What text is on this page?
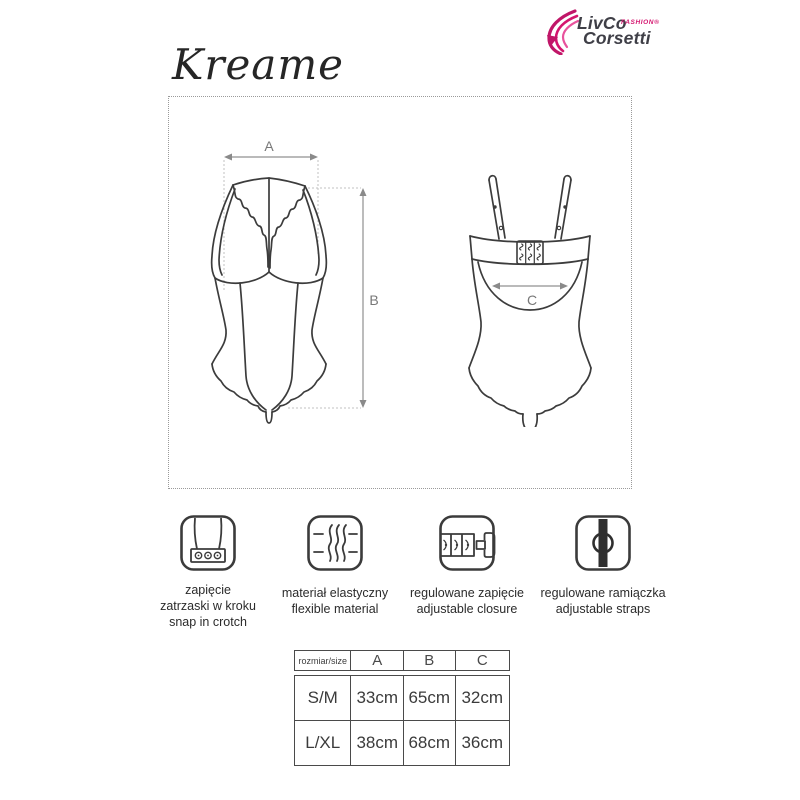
LivCo
FASHION®
Corsetti
Kreame
A
B	C
zapięcie
zatrzaski w kroku
snap in crotch
materiał elastyczny
flexible material
regulowane zapięcie
adjustable closure
regulowane ramiączka
adjustable straps
rozmiar/size	A	B	C
S/M	33cm 65cm 32cm
L/XL 38cm 68cm 36cm
